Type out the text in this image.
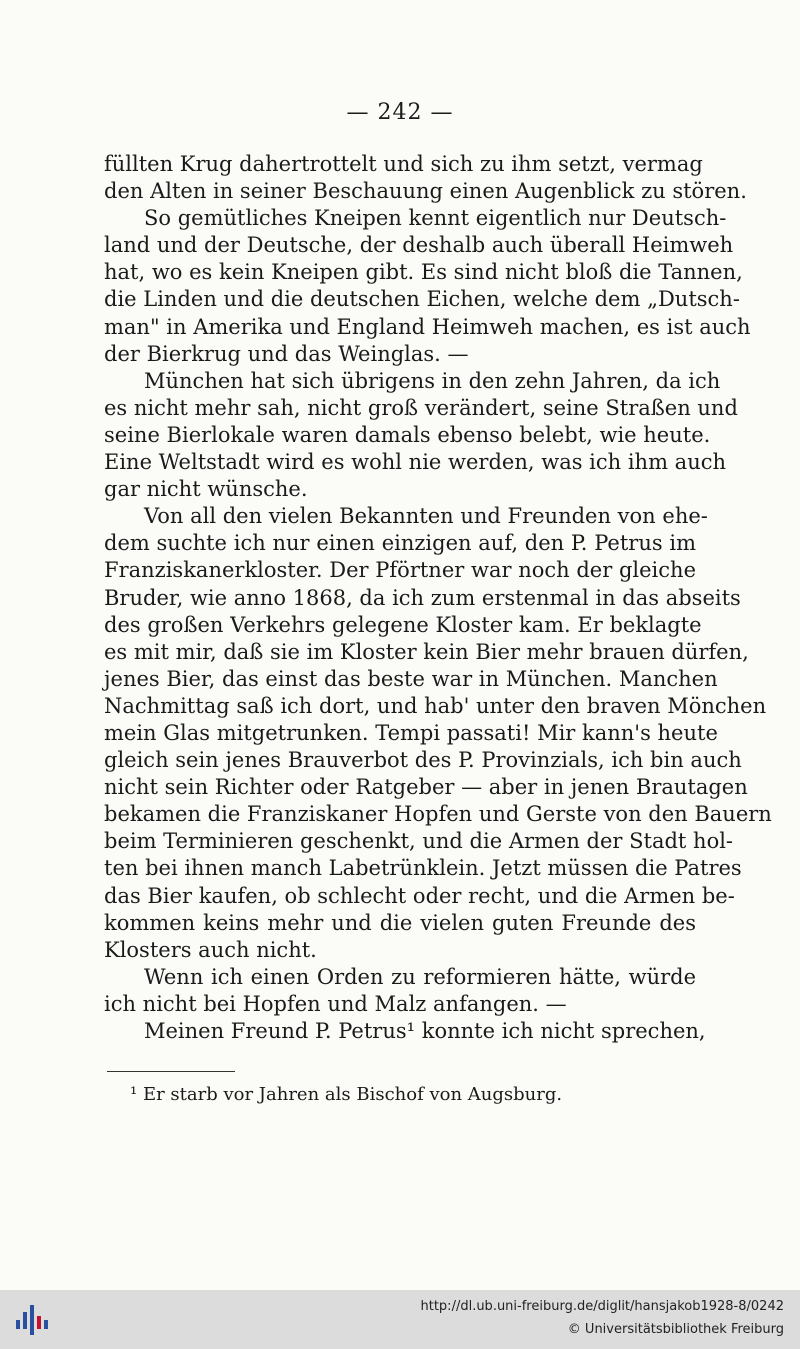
— 242 —
füllten Krug dahertrottelt und sich zu ihm setzt, vermag
den Alten in seiner Beschauung einen Augenblick zu stören.
So gemütliches Kneipen kennt eigentlich nur Deutsch-
land und der Deutsche, der deshalb auch überall Heimweh
hat, wo es kein Kneipen gibt. Es sind nicht bloß die Tannen,
die Linden und die deutschen Eichen, welche dem „Dutsch-
man" in Amerika und England Heimweh machen, es ist auch
der Bierkrug und das Weinglas. —
München hat sich übrigens in den zehn Jahren, da ich
es nicht mehr sah, nicht groß verändert, seine Straßen und
seine Bierlokale waren damals ebenso belebt, wie heute.
Eine Weltstadt wird es wohl nie werden, was ich ihm auch
gar nicht wünsche.
Von all den vielen Bekannten und Freunden von ehe-
dem suchte ich nur einen einzigen auf, den P. Petrus im
Franziskanerkloster. Der Pförtner war noch der gleiche
Bruder, wie anno 1868, da ich zum erstenmal in das abseits
des großen Verkehrs gelegene Kloster kam. Er beklagte
es mit mir, daß sie im Kloster kein Bier mehr brauen dürfen,
jenes Bier, das einst das beste war in München. Manchen
Nachmittag saß ich dort, und hab' unter den braven Mönchen
mein Glas mitgetrunken. Tempi passati! Mir kann's heute
gleich sein jenes Brauverbot des P. Provinzials, ich bin auch
nicht sein Richter oder Ratgeber — aber in jenen Brautagen
bekamen die Franziskaner Hopfen und Gerste von den Bauern
beim Terminieren geschenkt, und die Armen der Stadt hol-
ten bei ihnen manch Labetrünklein. Jetzt müssen die Patres
das Bier kaufen, ob schlecht oder recht, und die Armen be-
kommen keins mehr und die vielen guten Freunde des
Klosters auch nicht.
Wenn ich einen Orden zu reformieren hätte, würde
ich nicht bei Hopfen und Malz anfangen. —
Meinen Freund P. Petrus¹ konnte ich nicht sprechen,
¹ Er starb vor Jahren als Bischof von Augsburg.
http://dl.ub.uni-freiburg.de/diglit/hansjakob1928-8/0242
© Universitätsbibliothek Freiburg
